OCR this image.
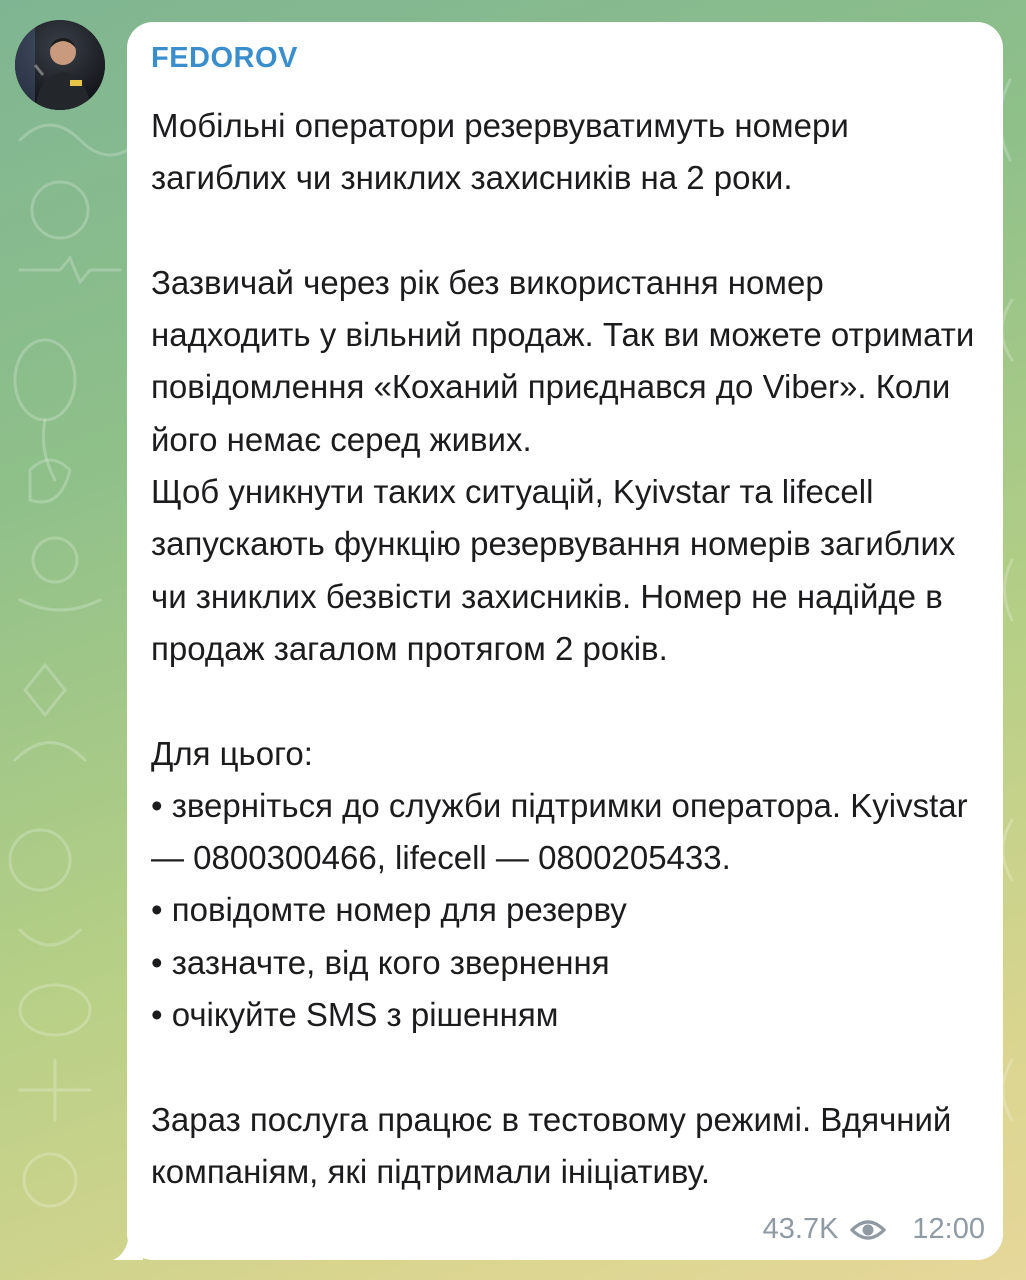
FEDOROV
Мобільні оператори резервуватимуть номери загиблих чи зниклих захисників на 2 роки.

Зазвичай через рік без використання номер надходить у вільний продаж. Так ви можете отримати повідомлення «Коханий приєднався до Viber». Коли його немає серед живих.
Щоб уникнути таких ситуацій, Kyivstar та lifecell запускають функцію резервування номерів загиблих чи зниклих безвісти захисників. Номер не надійде в продаж загалом протягом 2 років.

Для цього:
• зверніться до служби підтримки оператора. Kyivstar — 0800300466, lifecell — 0800205433.
• повідомте номер для резерву
• зазначте, від кого звернення
• очікуйте SMS з рішенням

Зараз послуга працює в тестовому режимі. Вдячний компаніям, які підтримали ініціативу.
43.7K	12:00
